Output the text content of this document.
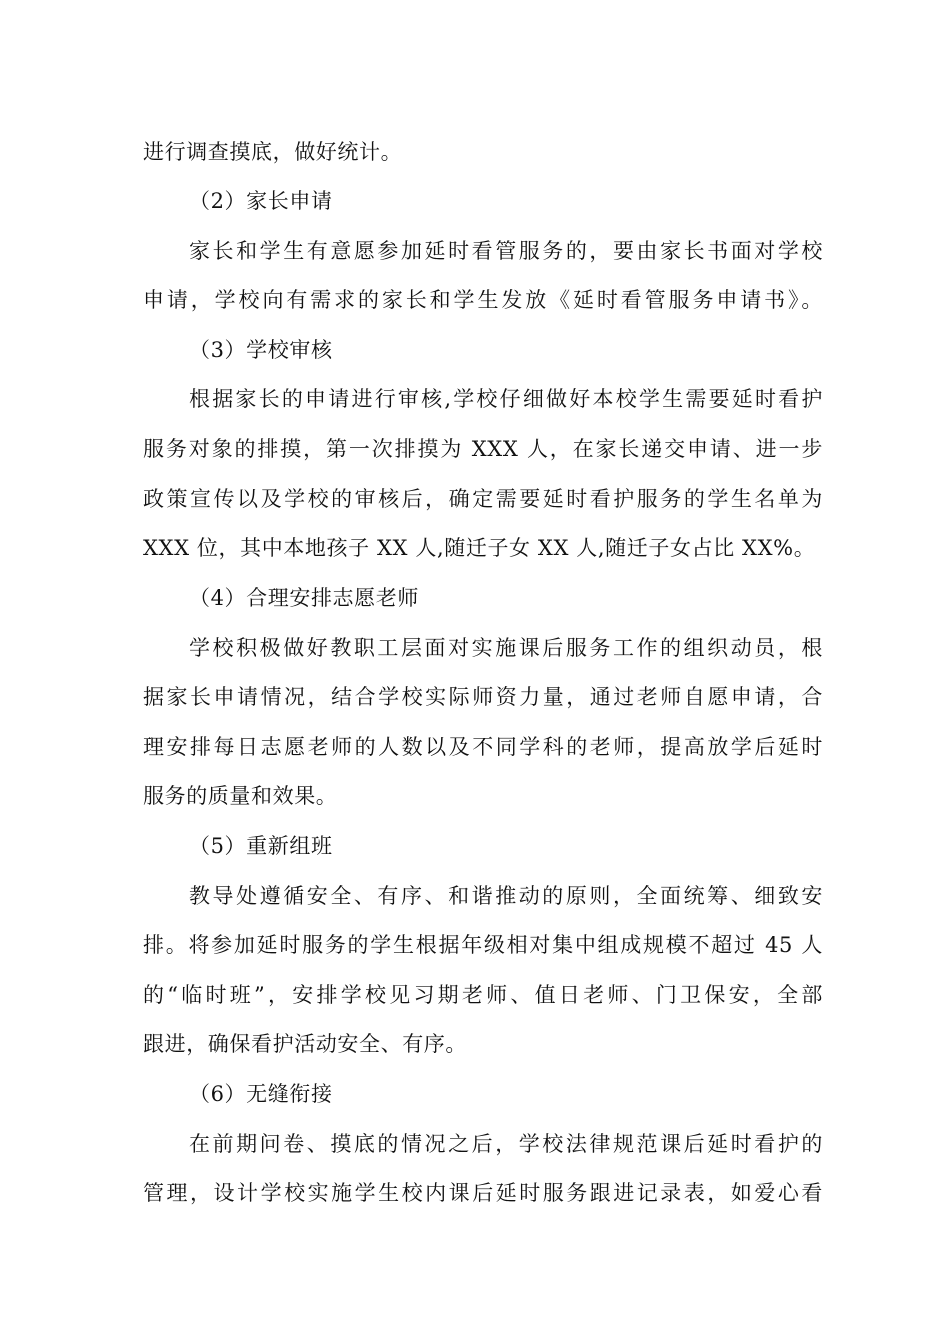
进行调查摸底，做好统计。
（2）家长申请
家长和学生有意愿参加延时看管服务的，要由家长书面对学校
申请，学校向有需求的家长和学生发放《延时看管服务申请书》。
（3）学校审核
根据家长的申请进行审核,学校仔细做好本校学生需要延时看护
服务对象的排摸，第一次排摸为 XXX 人，在家长递交申请、进一步
政策宣传以及学校的审核后，确定需要延时看护服务的学生名单为
XXX 位，其中本地孩子 XX 人,随迁子女 XX 人,随迁子女占比 XX%。
（4）合理安排志愿老师
学校积极做好教职工层面对实施课后服务工作的组织动员，根
据家长申请情况，结合学校实际师资力量，通过老师自愿申请，合
理安排每日志愿老师的人数以及不同学科的老师，提高放学后延时
服务的质量和效果。
（5）重新组班
教导处遵循安全、有序、和谐推动的原则，全面统筹、细致安
排。将参加延时服务的学生根据年级相对集中组成规模不超过 45 人
的“临时班”，安排学校见习期老师、值日老师、门卫保安，全部
跟进，确保看护活动安全、有序。
（6）无缝衔接
在前期问卷、摸底的情况之后，学校法律规范课后延时看护的
管理，设计学校实施学生校内课后延时服务跟进记录表，如爱心看
